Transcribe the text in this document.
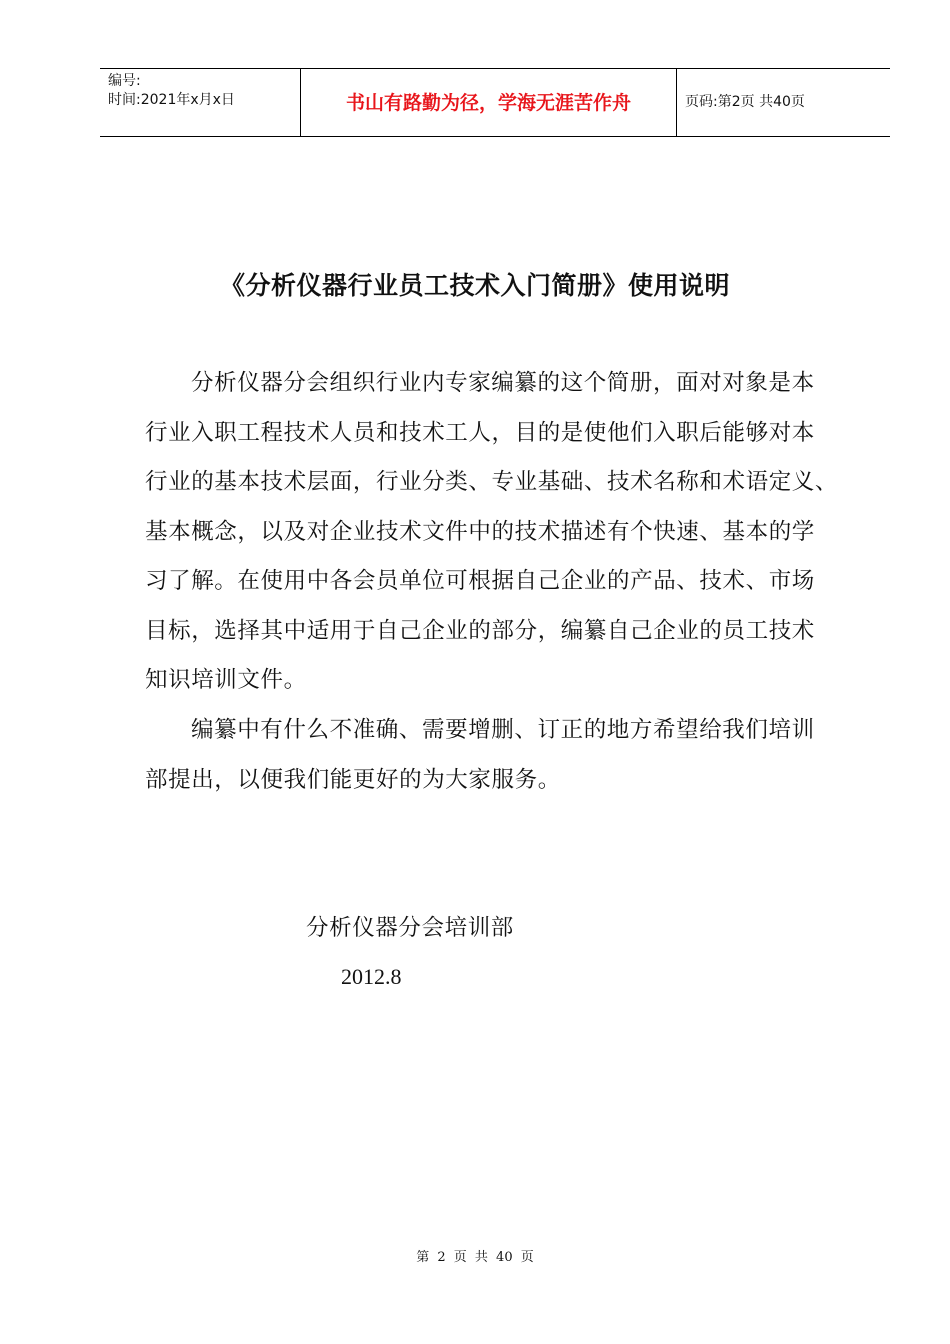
编号:
时间:2021年x月x日	书山有路勤为径，学海无涯苦作舟	页码:第2页 共40页
《分析仪器行业员工技术入门简册》使用说明
分析仪器分会组织行业内专家编纂的这个简册，面对对象是本
行业入职工程技术人员和技术工人，目的是使他们入职后能够对本
行业的基本技术层面，行业分类、专业基础、技术名称和术语定义、
基本概念，以及对企业技术文件中的技术描述有个快速、基本的学
习了解。在使用中各会员单位可根据自己企业的产品、技术、市场
目标，选择其中适用于自己企业的部分，编纂自己企业的员工技术
知识培训文件。
编纂中有什么不准确、需要增删、订正的地方希望给我们培训
部提出，以便我们能更好的为大家服务。
分析仪器分会培训部
2012.8
第 2 页 共 40 页
